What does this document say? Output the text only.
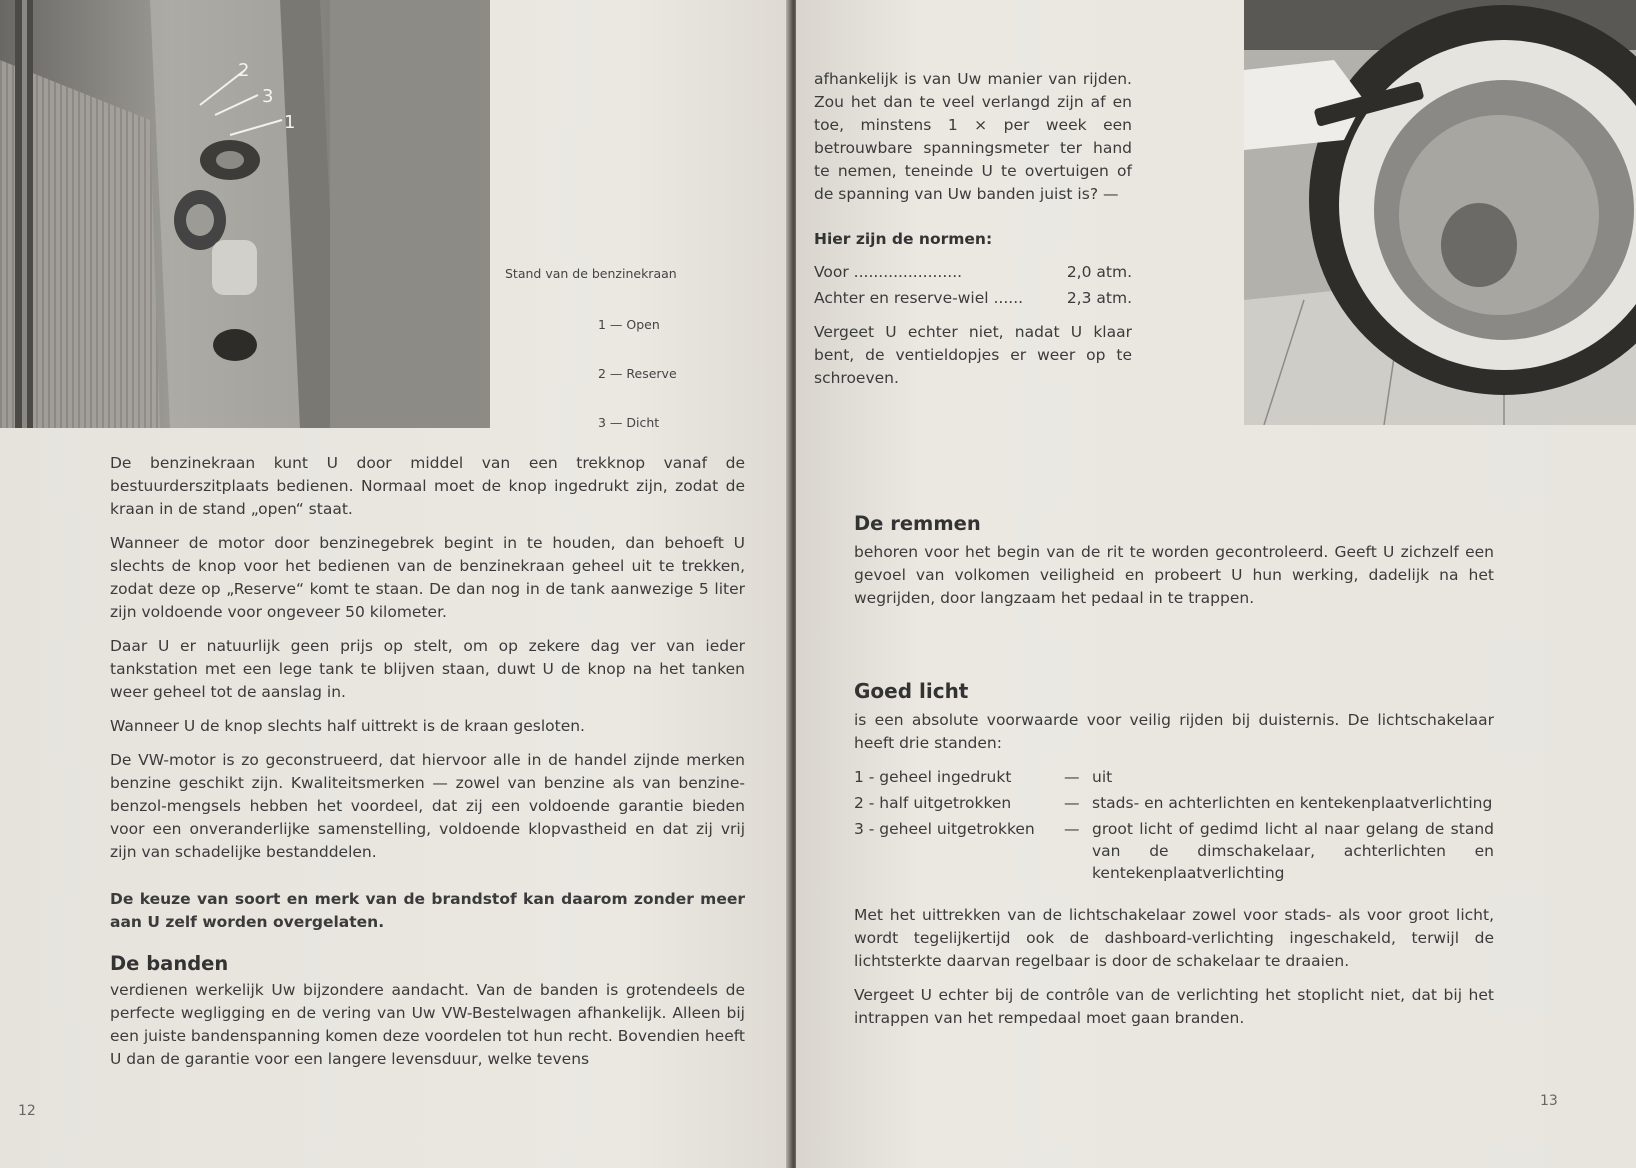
2
3
1
Stand van de benzinekraan
1 — Open
2 — Reserve
3 — Dicht

De benzinekraan kunt U door middel van een trekknop vanaf de bestuurderszitplaats bedienen. Normaal moet de knop ingedrukt zijn, zodat de kraan in de stand „open“ staat.

Wanneer de motor door benzinegebrek begint in te houden, dan behoeft U slechts de knop voor het bedienen van de benzinekraan geheel uit te trekken, zodat deze op „Reserve“ komt te staan. De dan nog in de tank aanwezige 5 liter zijn voldoende voor ongeveer 50 kilometer.

Daar U er natuurlijk geen prijs op stelt, om op zekere dag ver van ieder tankstation met een lege tank te blijven staan, duwt U de knop na het tanken weer geheel tot de aanslag in.

Wanneer U de knop slechts half uittrekt is de kraan gesloten.

De VW-motor is zo geconstrueerd, dat hiervoor alle in de handel zijnde merken benzine geschikt zijn. Kwaliteitsmerken — zowel van benzine als van benzine-benzol-mengsels hebben het voordeel, dat zij een voldoende garantie bieden voor een onveranderlijke samenstelling, voldoende klopvastheid en dat zij vrij zijn van schadelijke bestanddelen.

De keuze van soort en merk van de brandstof kan daarom zonder meer aan U zelf worden overgelaten.

De banden

verdienen werkelijk Uw bijzondere aandacht. Van de banden is grotendeels de perfecte wegligging en de vering van Uw VW-Bestelwagen afhankelijk. Alleen bij een juiste bandenspanning komen deze voordelen tot hun recht. Bovendien heeft U dan de garantie voor een langere levensduur, welke tevens

12

afhankelijk is van Uw manier van rijden. Zou het dan te veel verlangd zijn af en toe, minstens 1 × per week een betrouwbare spanningsmeter ter hand te nemen, teneinde U te overtuigen of de spanning van Uw banden juist is? —

Hier zijn de normen:
Voor ......................	2,0 atm.
Achter en reserve-wiel ......	2,3 atm.

Vergeet U echter niet, nadat U klaar bent, de ventieldopjes er weer op te schroeven.

De remmen

behoren voor het begin van de rit te worden gecontroleerd. Geeft U zichzelf een gevoel van volkomen veiligheid en probeert U hun werking, dadelijk na het wegrijden, door langzaam het pedaal in te trappen.

Goed licht

is een absolute voorwaarde voor veilig rijden bij duisternis. De lichtschakelaar heeft drie standen:

1 - geheel ingedrukt	— uit
2 - half uitgetrokken	— stads- en achterlichten en kentekenplaatverlichting
3 - geheel uitgetrokken	— groot licht of gedimd licht al naar gelang de stand van de dimschakelaar, achterlichten en kentekenplaatverlichting

Met het uittrekken van de lichtschakelaar zowel voor stads- als voor groot licht, wordt tegelijkertijd ook de dashboard-verlichting ingeschakeld, terwijl de lichtsterkte daarvan regelbaar is door de schakelaar te draaien.

Vergeet U echter bij de contrôle van de verlichting het stoplicht niet, dat bij het intrappen van het rempedaal moet gaan branden.

13
